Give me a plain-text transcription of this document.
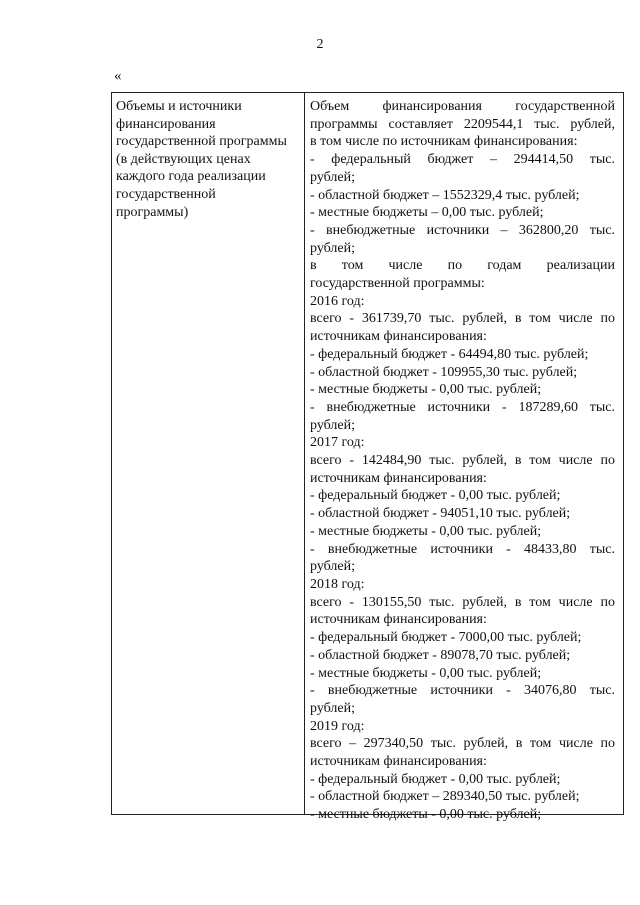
2
«
Объемы и источники
финансирования
государственной программы
(в действующих ценах
каждого года реализации
государственной
программы)
Объем финансирования государственной
программы составляет 2209544,1 тыс. рублей,
в том числе по источникам финансирования:
- федеральный бюджет – 294414,50 тыс.
рублей;
- областной бюджет – 1552329,4 тыс. рублей;
- местные бюджеты – 0,00 тыс. рублей;
- внебюджетные источники – 362800,20 тыс.
рублей;
в том числе по годам реализации
государственной программы:
2016 год:
всего - 361739,70 тыс. рублей, в том числе по
источникам финансирования:
- федеральный бюджет - 64494,80 тыс. рублей;
- областной бюджет - 109955,30 тыс. рублей;
- местные бюджеты - 0,00 тыс. рублей;
- внебюджетные источники - 187289,60 тыс.
рублей;
2017 год:
всего - 142484,90 тыс. рублей, в том числе по
источникам финансирования:
- федеральный бюджет - 0,00 тыс. рублей;
- областной бюджет - 94051,10 тыс. рублей;
- местные бюджеты - 0,00 тыс. рублей;
- внебюджетные источники - 48433,80 тыс.
рублей;
2018 год:
всего - 130155,50 тыс. рублей, в том числе по
источникам финансирования:
- федеральный бюджет - 7000,00 тыс. рублей;
- областной бюджет - 89078,70 тыс. рублей;
- местные бюджеты - 0,00 тыс. рублей;
- внебюджетные источники - 34076,80 тыс.
рублей;
2019 год:
всего – 297340,50 тыс. рублей, в том числе по
источникам финансирования:
- федеральный бюджет - 0,00 тыс. рублей;
- областной бюджет – 289340,50 тыс. рублей;
- местные бюджеты - 0,00 тыс. рублей;
